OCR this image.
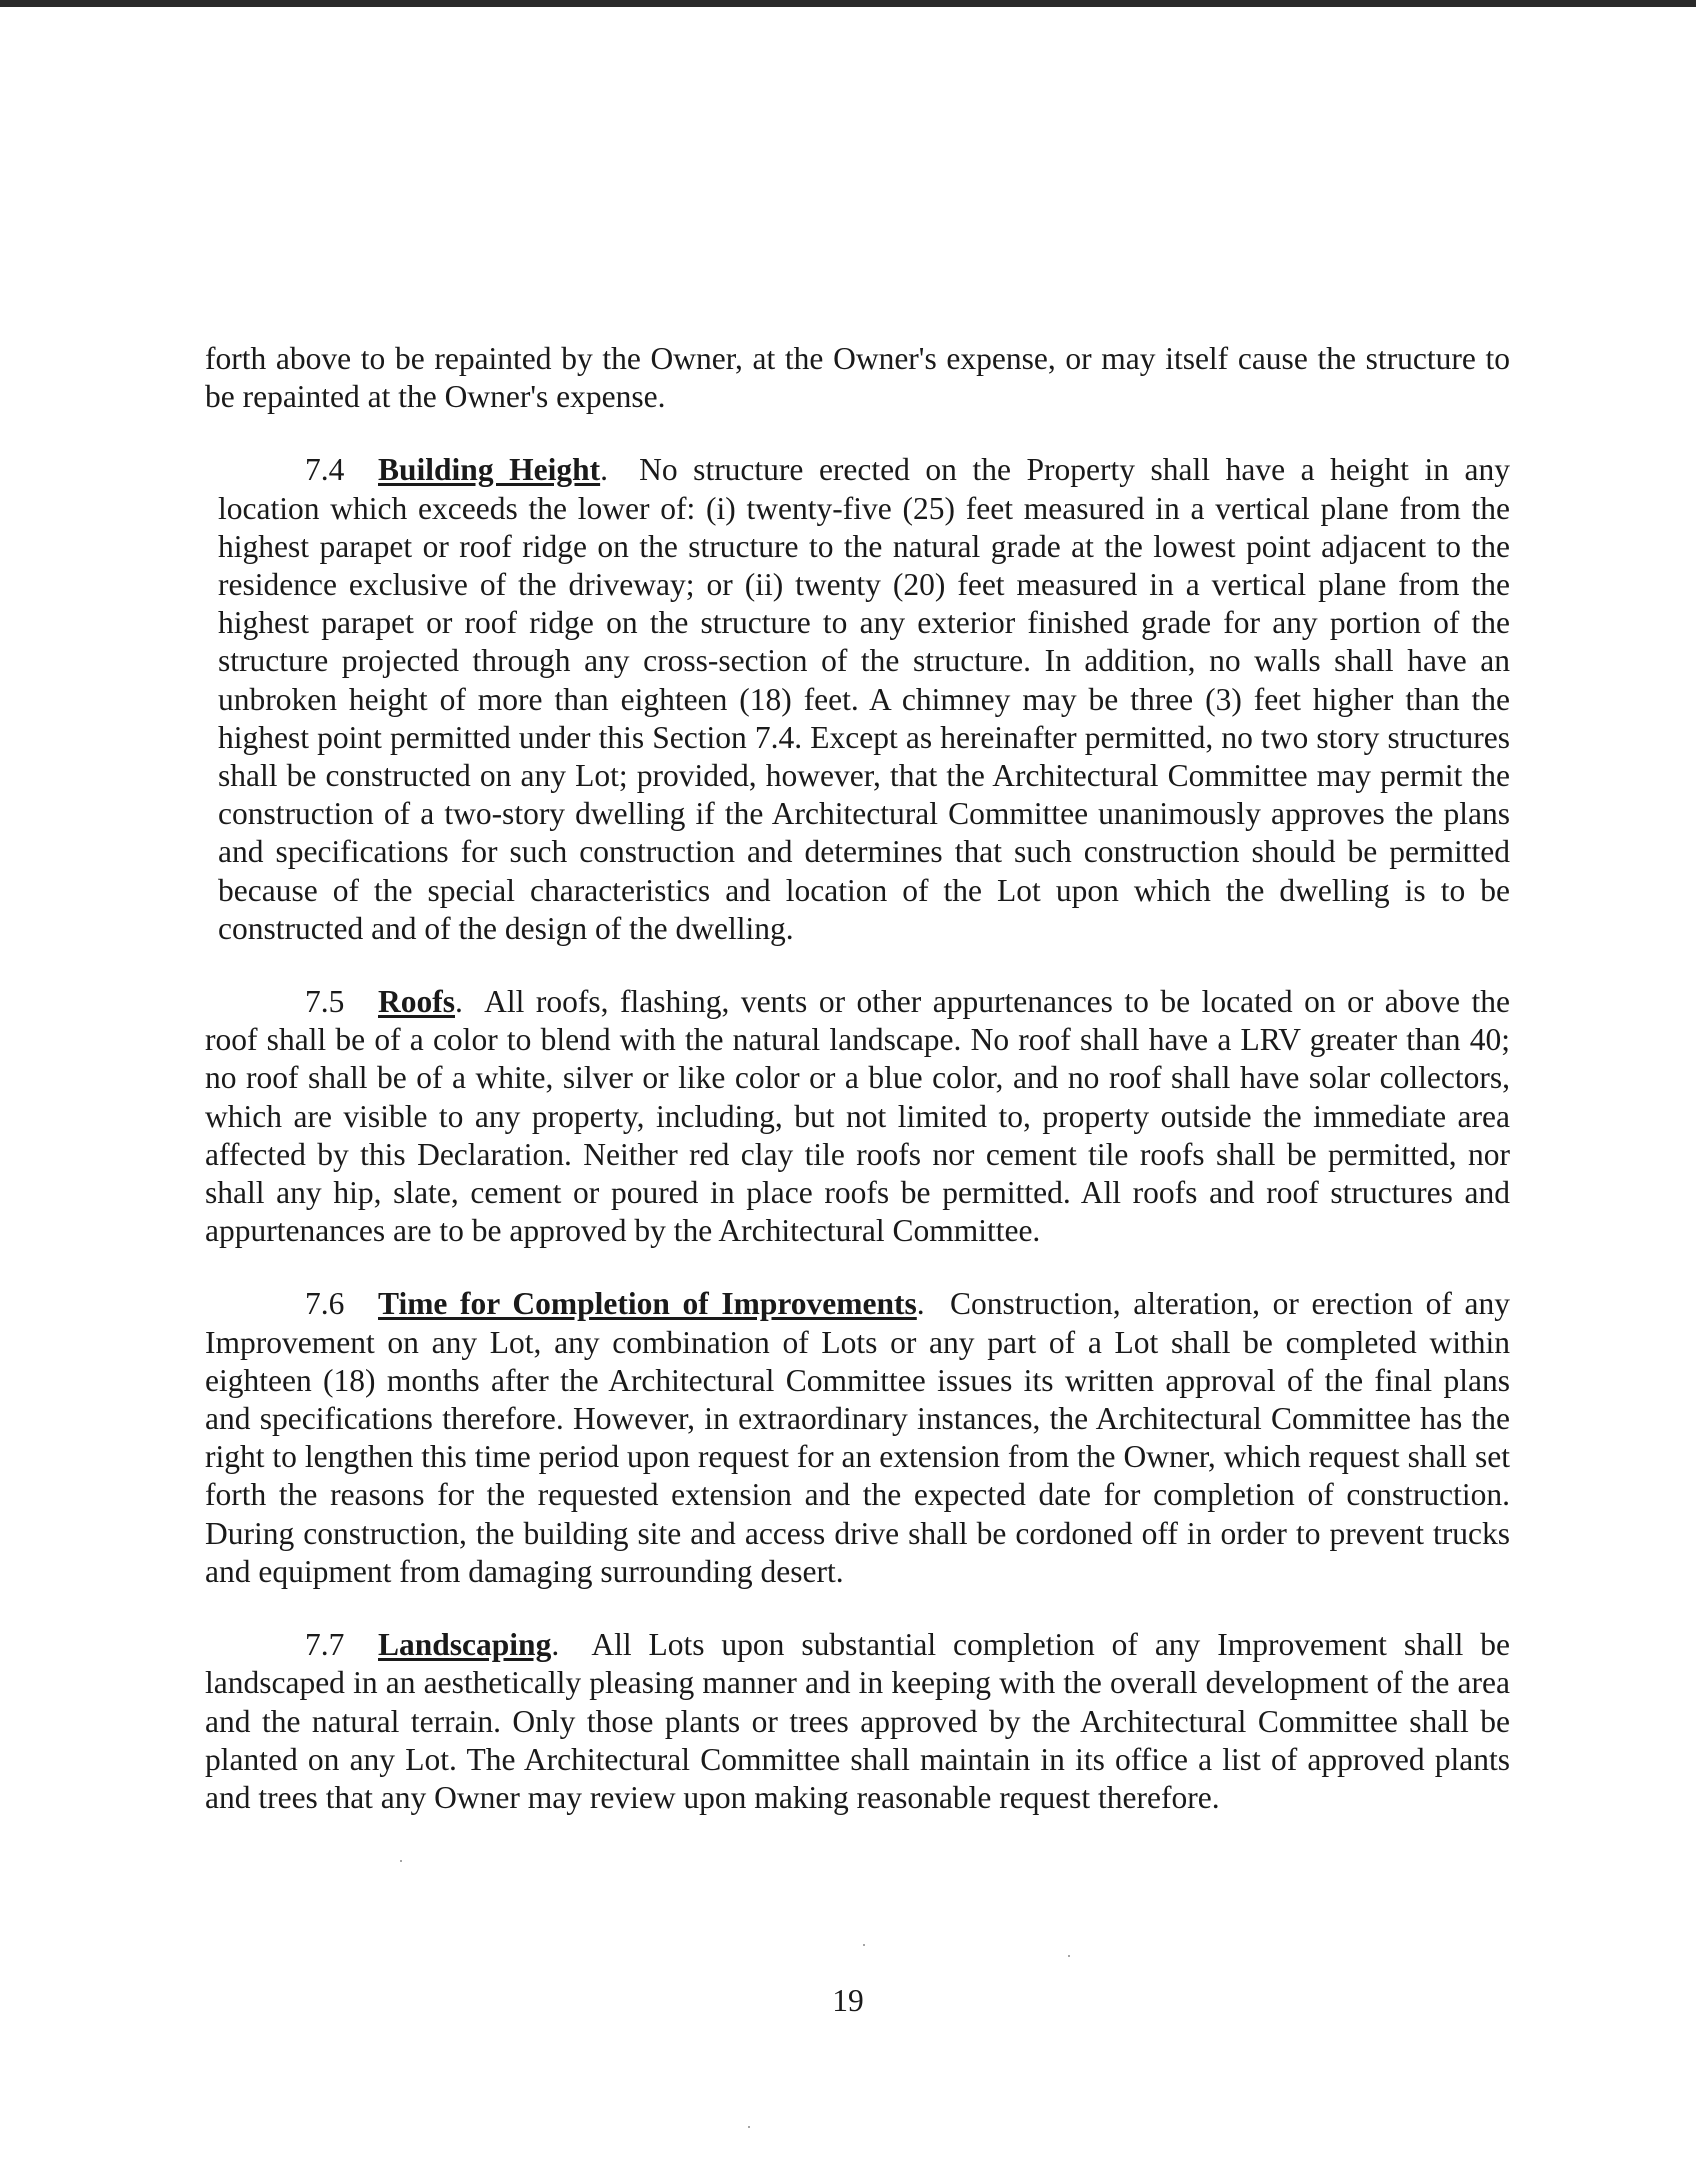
forth above to be repainted by the Owner, at the Owner's expense, or may itself cause the structure to be repainted at the Owner's expense.

7.4 Building Height.  No structure erected on the Property shall have a height in any location which exceeds the lower of: (i) twenty-five (25) feet measured in a vertical plane from the highest parapet or roof ridge on the structure to the natural grade at the lowest point adjacent to the residence exclusive of the driveway; or (ii) twenty (20) feet measured in a vertical plane from the highest parapet or roof ridge on the structure to any exterior finished grade for any portion of the structure projected through any cross-section of the structure. In addition, no walls shall have an unbroken height of more than eighteen (18) feet. A chimney may be three (3) feet higher than the highest point permitted under this Section 7.4. Except as hereinafter permitted, no two story structures shall be constructed on any Lot; provided, however, that the Architectural Committee may permit the construction of a two-story dwelling if the Architectural Committee unanimously approves the plans and specifications for such construction and determines that such construction should be permitted because of the special characteristics and location of the Lot upon which the dwelling is to be constructed and of the design of the dwelling.

7.5 Roofs.  All roofs, flashing, vents or other appurtenances to be located on or above the roof shall be of a color to blend with the natural landscape. No roof shall have a LRV greater than 40; no roof shall be of a white, silver or like color or a blue color, and no roof shall have solar collectors, which are visible to any property, including, but not limited to, property outside the immediate area affected by this Declaration. Neither red clay tile roofs nor cement tile roofs shall be permitted, nor shall any hip, slate, cement or poured in place roofs be permitted. All roofs and roof structures and appurtenances are to be approved by the Architectural Committee.

7.6 Time for Completion of Improvements.  Construction, alteration, or erection of any Improvement on any Lot, any combination of Lots or any part of a Lot shall be completed within eighteen (18) months after the Architectural Committee issues its written approval of the final plans and specifications therefore. However, in extraordinary instances, the Architectural Committee has the right to lengthen this time period upon request for an extension from the Owner, which request shall set forth the reasons for the requested extension and the expected date for completion of construction. During construction, the building site and access drive shall be cordoned off in order to prevent trucks and equipment from damaging surrounding desert.

7.7 Landscaping.  All Lots upon substantial completion of any Improvement shall be landscaped in an aesthetically pleasing manner and in keeping with the overall development of the area and the natural terrain. Only those plants or trees approved by the Architectural Committee shall be planted on any Lot. The Architectural Committee shall maintain in its office a list of approved plants and trees that any Owner may review upon making reasonable request therefore.

19
